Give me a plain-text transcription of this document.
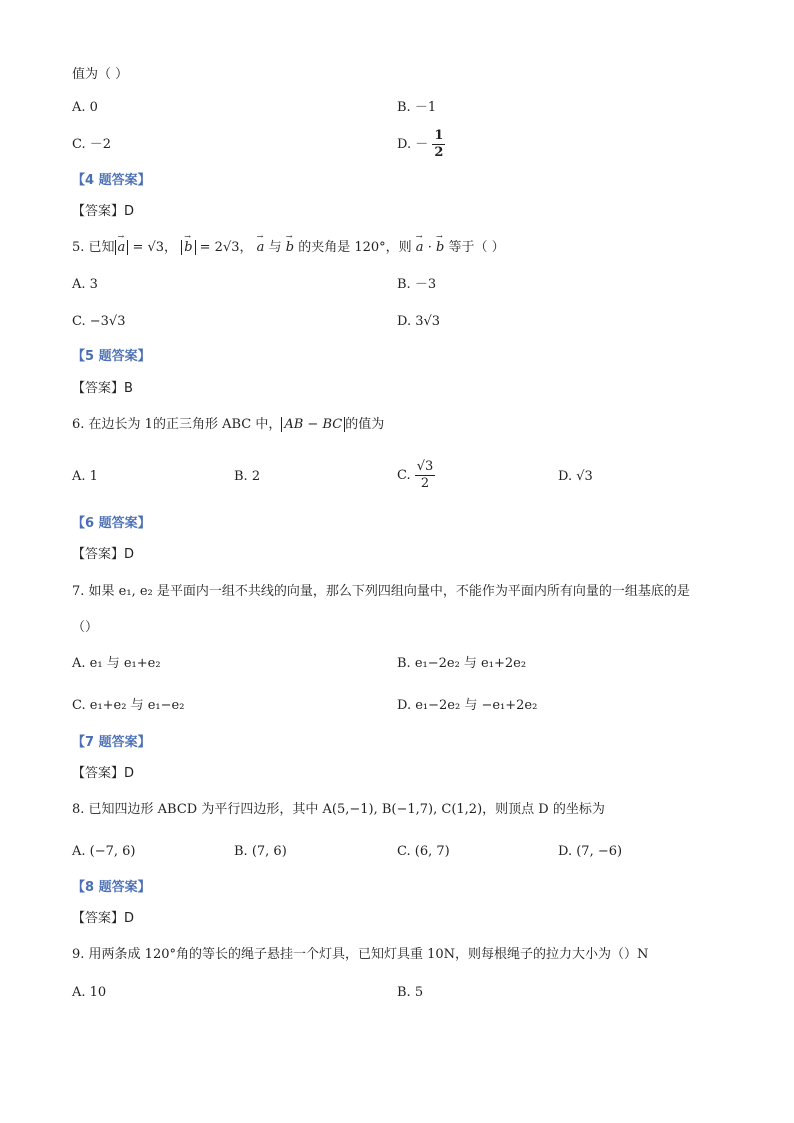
值为（ ）
A. 0	B. －1
C. －2	D. － $\frac{1}{2}$
【4 题答案】
【答案】D
5. 已知 → a = √3， → b = 2√3， → a 与 → b 的夹角是 120°，则 → a · → b 等于（ ）
A. 3	B. －3
C. −3√3	D. 3√3
【5 题答案】
【答案】B
6. 在边长为 1的正三角形 ABC 中， AB − BC 的值为
A. 1	B. 2	C. $\frac{√3}{2}$	D. √3
【6 题答案】
【答案】D
7. 如果 e₁, e₂ 是平面内一组不共线的向量，那么下列四组向量中，不能作为平面内所有向量的一组基底的是
（）
A. e₁ 与 e₁+e₂	B. e₁−2e₂ 与 e₁+2e₂
C. e₁+e₂ 与 e₁−e₂	D. e₁−2e₂ 与 −e₁+2e₂
【7 题答案】
【答案】D
8. 已知四边形 ABCD 为平行四边形，其中 A(5,−1), B(−1,7), C(1,2)，则顶点 D 的坐标为
A. (−7, 6)	B. (7, 6)	C. (6, 7)	D. (7, −6)
【8 题答案】
【答案】D
9. 用两条成 120°角的等长的绳子悬挂一个灯具，已知灯具重 10N，则每根绳子的拉力大小为（）N
A. 10	B. 5
